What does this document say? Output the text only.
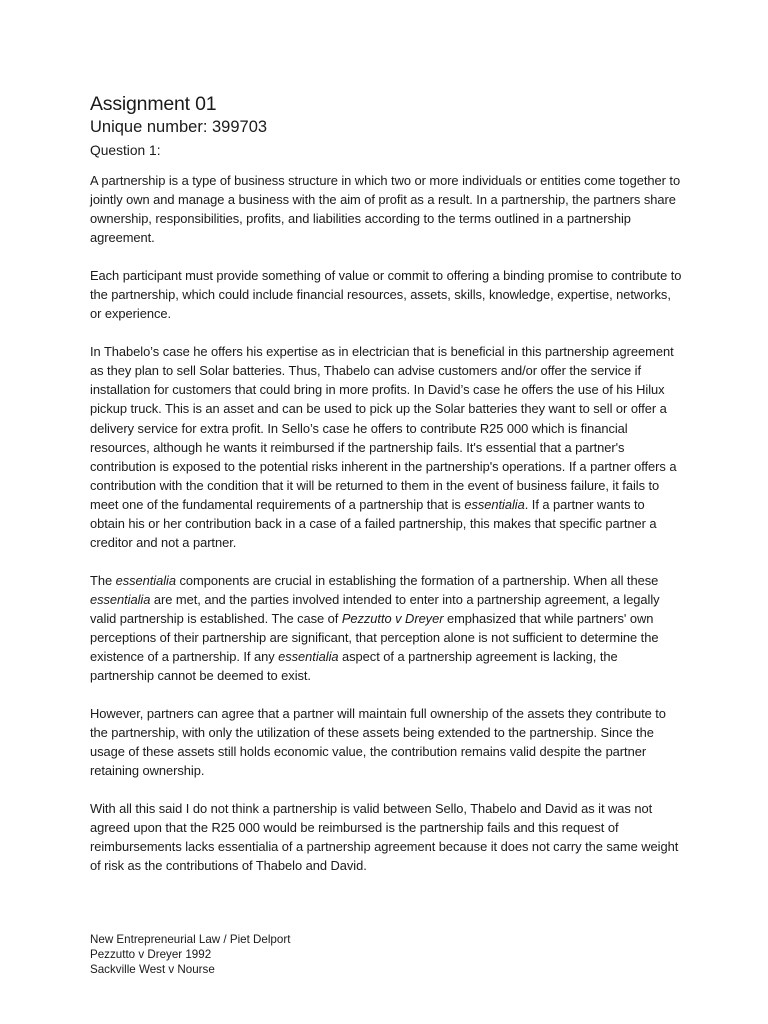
Assignment 01
Unique number: 399703
Question 1:

A partnership is a type of business structure in which two or more individuals or entities come together to jointly own and manage a business with the aim of profit as a result. In a partnership, the partners share ownership, responsibilities, profits, and liabilities according to the terms outlined in a partnership agreement.

Each participant must provide something of value or commit to offering a binding promise to contribute to the partnership, which could include financial resources, assets, skills, knowledge, expertise, networks, or experience.

In Thabelo’s case he offers his expertise as in electrician that is beneficial in this partnership agreement as they plan to sell Solar batteries. Thus, Thabelo can advise customers and/or offer the service if installation for customers that could bring in more profits. In David’s case he offers the use of his Hilux pickup truck. This is an asset and can be used to pick up the Solar batteries they want to sell or offer a delivery service for extra profit. In Sello’s case he offers to contribute R25 000 which is financial resources, although he wants it reimbursed if the partnership fails. It's essential that a partner's contribution is exposed to the potential risks inherent in the partnership's operations. If a partner offers a contribution with the condition that it will be returned to them in the event of business failure, it fails to meet one of the fundamental requirements of a partnership that is essentialia. If a partner wants to obtain his or her contribution back in a case of a failed partnership, this makes that specific partner a creditor and not a partner.

The essentialia components are crucial in establishing the formation of a partnership. When all these essentialia are met, and the parties involved intended to enter into a partnership agreement, a legally valid partnership is established. The case of Pezzutto v Dreyer emphasized that while partners' own perceptions of their partnership are significant, that perception alone is not sufficient to determine the existence of a partnership. If any essentialia aspect of a partnership agreement is lacking, the partnership cannot be deemed to exist.

However, partners can agree that a partner will maintain full ownership of the assets they contribute to the partnership, with only the utilization of these assets being extended to the partnership. Since the usage of these assets still holds economic value, the contribution remains valid despite the partner retaining ownership.

With all this said I do not think a partnership is valid between Sello, Thabelo and David as it was not agreed upon that the R25 000 would be reimbursed is the partnership fails and this request of reimbursements lacks essentialia of a partnership agreement because it does not carry the same weight of risk as the contributions of Thabelo and David.

New Entrepreneurial Law / Piet Delport
Pezzutto v Dreyer 1992
Sackville West v Nourse
